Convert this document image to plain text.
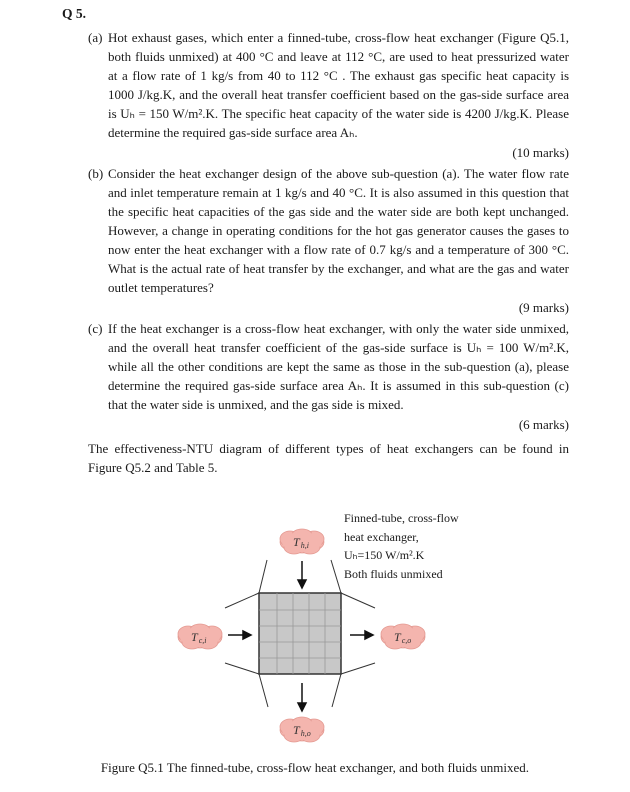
Q 5.
(a) Hot exhaust gases, which enter a finned-tube, cross-flow heat exchanger (Figure Q5.1,
both fluids unmixed) at 400 °C and leave at 112 °C, are used to heat pressurized water
at a flow rate of 1 kg/s from 40 to 112 °C . The exhaust gas specific heat capacity is
1000 J/kg.K, and the overall heat transfer coefficient based on the gas-side surface area
is Uₕ = 150 W/m².K. The specific heat capacity of the water side is 4200 J/kg.K. Please
determine the required gas-side surface area Aₕ.
(10 marks)
(b) Consider the heat exchanger design of the above sub-question (a). The water flow rate
and inlet temperature remain at 1 kg/s and 40 °C. It is also assumed in this question that
the specific heat capacities of the gas side and the water side are both kept unchanged.
However, a change in operating conditions for the hot gas generator causes the gases to
now enter the heat exchanger with a flow rate of 0.7 kg/s and a temperature of 300 °C.
What is the actual rate of heat transfer by the exchanger, and what are the gas and water
outlet temperatures?
(9 marks)
(c) If the heat exchanger is a cross-flow heat exchanger, with only the water side unmixed,
and the overall heat transfer coefficient of the gas-side surface is Uₕ = 100 W/m².K,
while all the other conditions are kept the same as those in the sub-question (a), please
determine the required gas-side surface area Aₕ. It is assumed in this sub-question (c)
that the water side is unmixed, and the gas side is mixed.
(6 marks)
The effectiveness-NTU diagram of different types of heat exchangers can be found in
Figure Q5.2 and Table 5.
Th,i
Tc,i	Tc,o
Th,o
Finned-tube, cross-flow
heat exchanger,
Uₕ=150 W/m².K
Both fluids unmixed
Figure Q5.1 The finned-tube, cross-flow heat exchanger, and both fluids unmixed.
